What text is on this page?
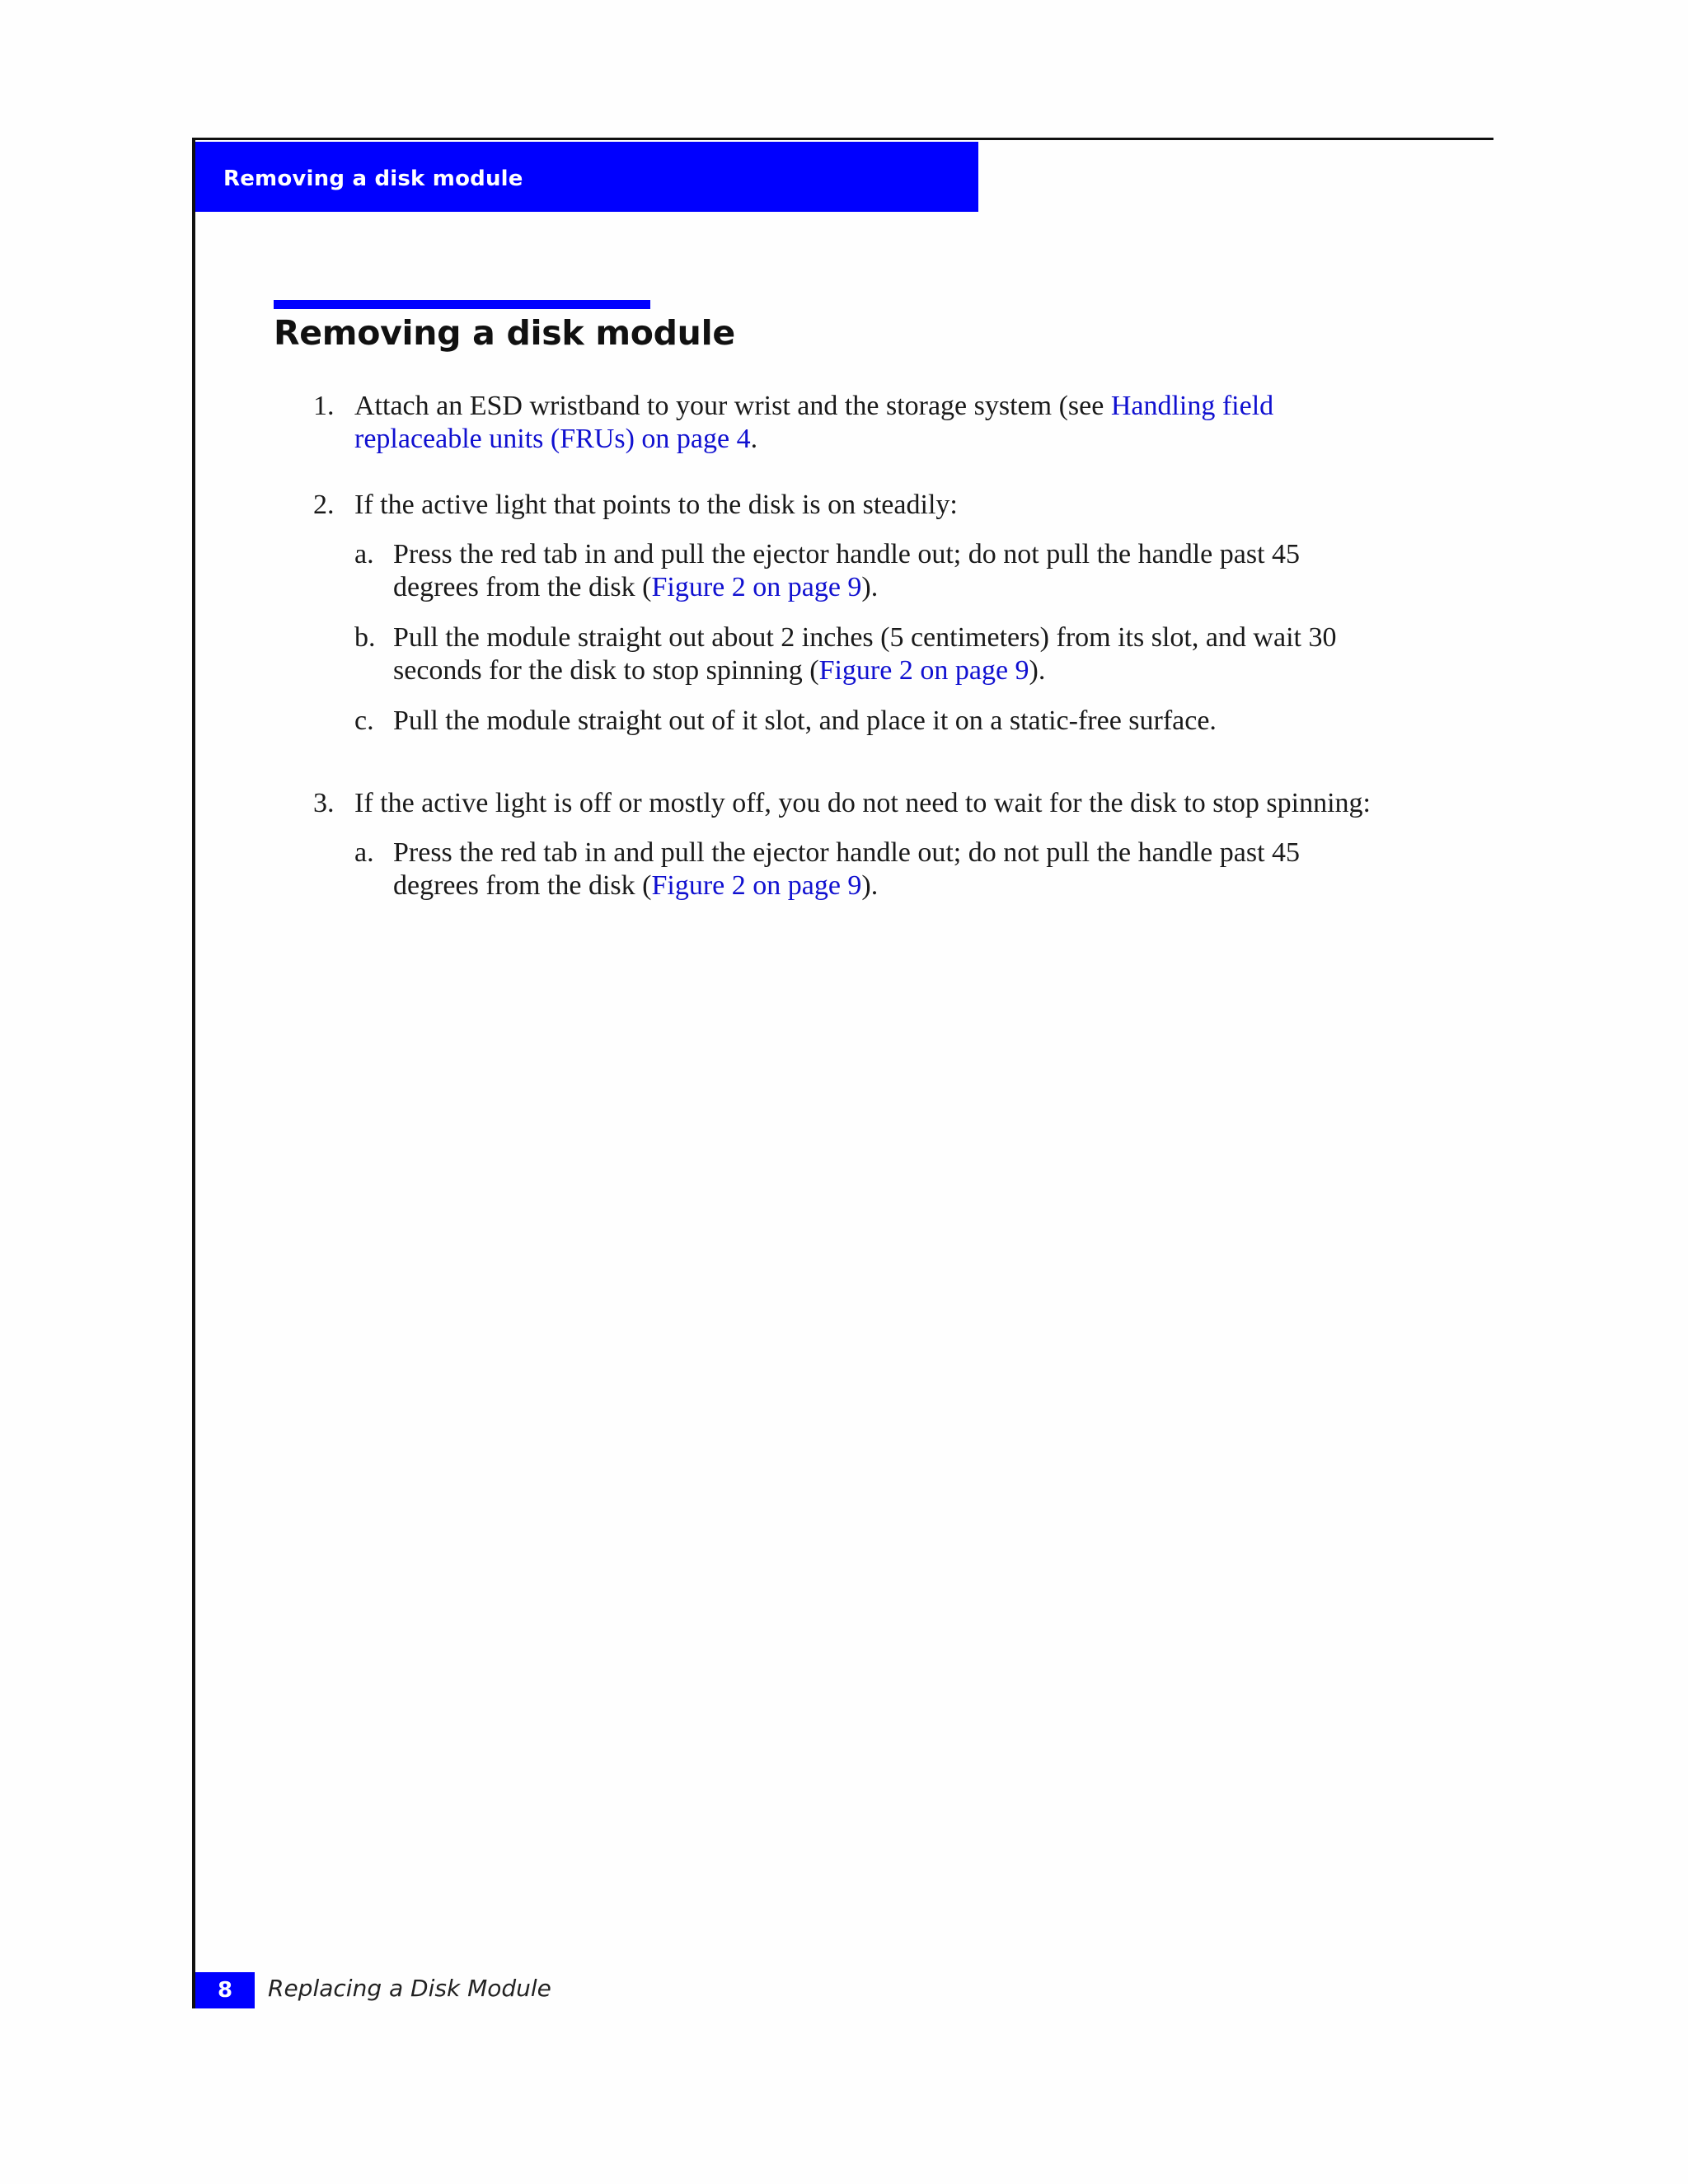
Removing a disk module
Removing a disk module
1. Attach an ESD wristband to your wrist and the storage system (see Handling field
replaceable units (FRUs) on page 4.
2. If the active light that points to the disk is on steadily:
a. Press the red tab in and pull the ejector handle out; do not pull the handle past 45
degrees from the disk (Figure 2 on page 9).
b. Pull the module straight out about 2 inches (5 centimeters) from its slot, and wait 30
seconds for the disk to stop spinning (Figure 2 on page 9).
c. Pull the module straight out of it slot, and place it on a static-free surface.
3. If the active light is off or mostly off, you do not need to wait for the disk to stop spinning:
a. Press the red tab in and pull the ejector handle out; do not pull the handle past 45
degrees from the disk (Figure 2 on page 9).
8	Replacing a Disk Module
